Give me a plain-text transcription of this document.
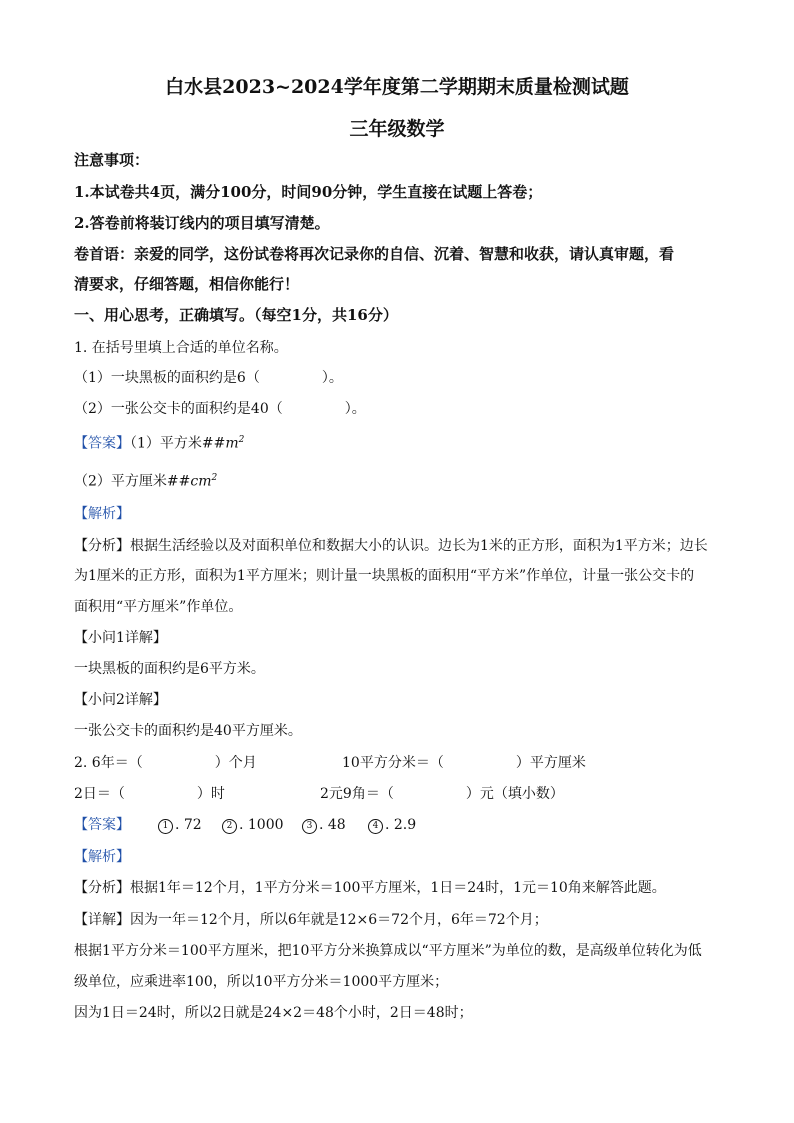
白水县2023~2024学年度第二学期期末质量检测试题
三年级数学
注意事项：
1.本试卷共4页，满分100分，时间90分钟，学生直接在试题上答卷；
2.答卷前将装订线内的项目填写清楚。
卷首语：亲爱的同学，这份试卷将再次记录你的自信、沉着、智慧和收获，请认真审题，看
清要求，仔细答题，相信你能行！
一、用心思考，正确填写。（每空1分，共16分）
1. 在括号里填上合适的单位名称。
（1）一块黑板的面积约是6（	）。
（2）一张公交卡的面积约是40（	）。
【答案】（1）平方米$\#\#m^2$
（2）平方厘米$\#\#cm^2$
【解析】
【分析】根据生活经验以及对面积单位和数据大小的认识。边长为1米的正方形，面积为1平方米；边长
为1厘米的正方形，面积为1平方厘米；则计量一块黑板的面积用“平方米”作单位，计量一张公交卡的
面积用“平方厘米”作单位。
【小问1详解】
一块黑板的面积约是6平方米。
【小问2详解】
一张公交卡的面积约是40平方厘米。
2. 6年＝（	）个月	10平方分米＝（	）平方厘米
2日＝（	）时	2元9角＝（	）元（填小数）
【答案】	1 . 72	2 . 1000	3 . 48	4 . 2.9
【解析】
【分析】根据1年＝12个月，1平方分米＝100平方厘米，1日＝24时，1元＝10角来解答此题。
【详解】因为一年＝12个月，所以6年就是12×6＝72个月，6年＝72个月；
根据1平方分米＝100平方厘米，把10平方分米换算成以“平方厘米”为单位的数，是高级单位转化为低
级单位，应乘进率100，所以10平方分米＝1000平方厘米；
因为1日＝24时，所以2日就是24×2＝48个小时，2日＝48时；
